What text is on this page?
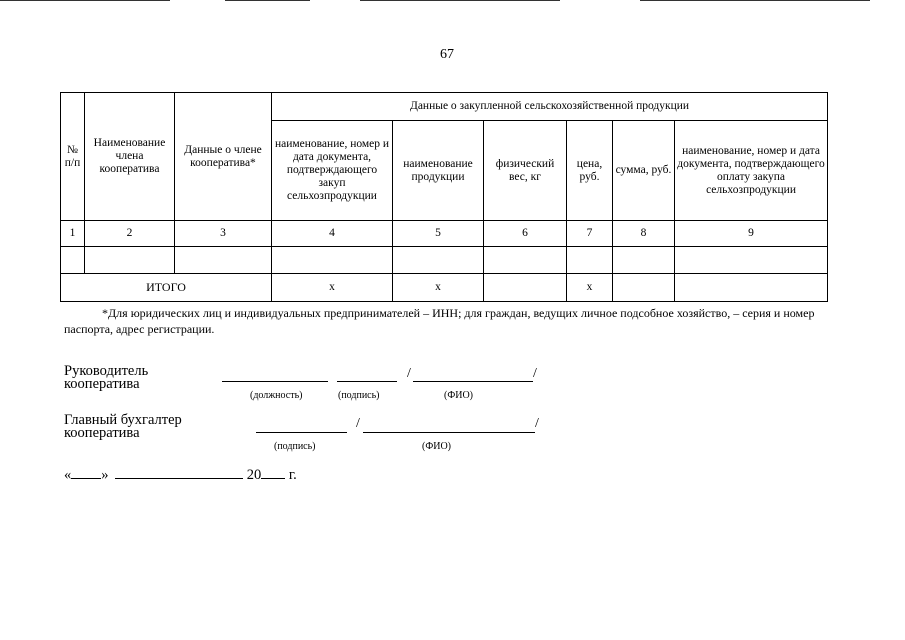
67
№ п/п	Наименование члена кооператива	Данные о члене кооператива*	Данные о закупленной сельскохозяйственной продукции					
			наименование, номер и дата документа, подтверждающего закуп сельхозпродукции	наименование продукции	физический вес, кг	цена, руб.	сумма, руб.	наименование, номер и дата документа, подтверждающего оплату закупа сельхозпродукции
1	2	3	4	5	6	7	8	9

ИТОГО			х	х		х		
*Для юридических лиц и индивидуальных предпринимателей – ИНН; для граждан, ведущих личное подсобное хозяйство, – серия и номер паспорта, адрес регистрации.
Руководитель
кооператива
/	/
(должность)	(подпись)	(ФИО)
Главный бухгалтер
кооператива
/	/
(подпись)	(ФИО)
« »	20 г.
